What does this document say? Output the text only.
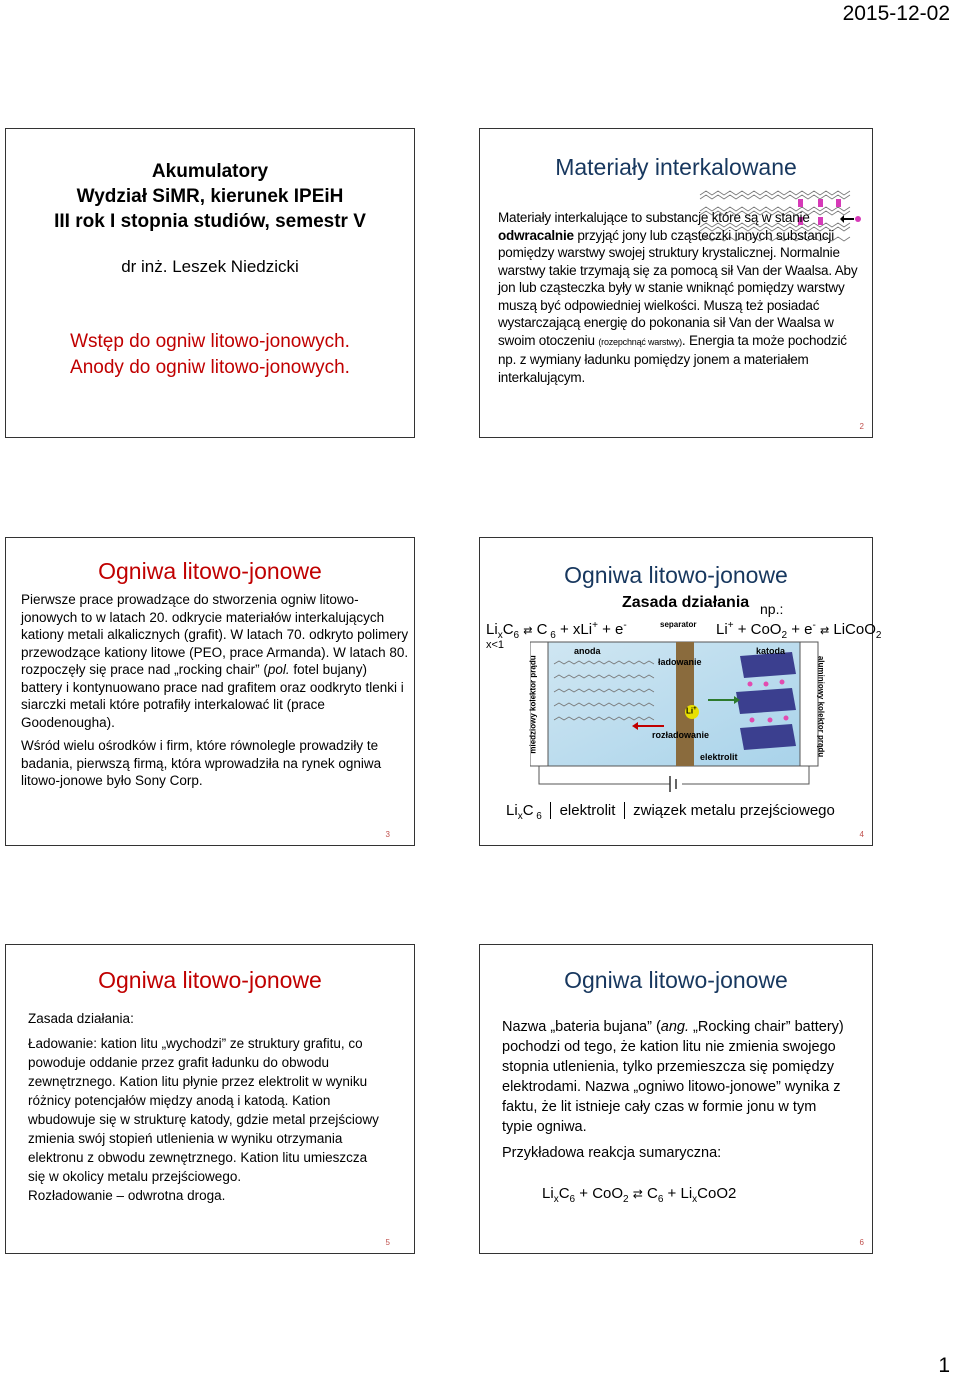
2015-12-02
Akumulatory
Wydział SiMR, kierunek IPEiH
III rok I stopnia studiów, semestr V
dr inż. Leszek Niedzicki
Wstęp do ogniw litowo-jonowych.
Anody do ogniw litowo-jonowych.
Materiały interkalowane
Materiały interkalujące to substancje które są w stanie odwracalnie przyjąć jony lub cząsteczki innych substancji pomiędzy warstwy swojej struktury krystalicznej. Normalnie warstwy takie trzymają się za pomocą sił Van der Waalsa. Aby jon lub cząsteczka były w stanie wniknąć pomiędzy warstwy muszą być odpowiedniej wielkości. Muszą też posiadać wystarczającą energię do pokonania sił Van der Waalsa w swoim otoczeniu (rozepchnąć warstwy). Energia ta może pochodzić np. z wymiany ładunku pomiędzy jonem a materiałem interkalującym.
2
Ogniwa litowo-jonowe

Pierwsze prace prowadzące do stworzenia ogniw litowo-jonowych to w latach 20. odkrycie materiałów interkalujących kationy metali alkalicznych (grafit). W latach 70. odkryto polimery przewodzące kationy litowe (PEO, prace Armanda). W latach 80. rozpoczęły się prace nad „rocking chair” (pol. fotel bujany) battery i kontynuowano prace nad grafitem oraz oodkryto tlenki i siarczki metali które potrafiły interkalować lit (prace Goodenougha).

Wśród wielu ośrodków i firm, które równolegle prowadziły te badania, pierwszą firmą, która wprowadziła na rynek ogniwa litowo-jonowe było Sony Corp.

3
Ogniwa litowo-jonowe
Zasada działania np.:
$Li_xC_6$ ⇄ C $_6$ + xLi+ + e-
x<1
Li+ + CoO$_2$ + e- ⇄ LiCoO$_2$
miedziowy kolektor prądu	aluminiowy kolektor prądu
separator
anoda	katoda
ładowanie
Li+
rozładowanie
elektrolit
$Li_xC$ $_6$ elektrolit związek metalu przejściowego
4
Ogniwa litowo-jonowe

Zasada działania:

Ładowanie: kation litu „wychodzi” ze struktury grafitu, co powoduje oddanie przez grafit ładunku do obwodu zewnętrznego. Kation litu płynie przez elektrolit w wyniku różnicy potencjałów między anodą i katodą. Kation wbudowuje się w strukturę katody, gdzie metal przejściowy zmienia swój stopień utlenienia w wyniku otrzymania elektronu z obwodu zewnętrznego. Kation litu umieszcza się w okolicy metalu przejściowego.

Rozładowanie – odwrotna droga.

5
Ogniwa litowo-jonowe

Nazwa „bateria bujana” (ang. „Rocking chair” battery) pochodzi od tego, że kation litu nie zmienia swojego stopnia utlenienia, tylko przemieszcza się pomiędzy elektrodami. Nazwa „ogniwo litowo-jonowe” wynika z faktu, że lit istnieje cały czas w formie jonu w tym typie ogniwa.

Przykładowa reakcja sumaryczna:

$Li_xC_6 + CoO_2$ ⇄ $C_6 + Li_xCoO2$
6
1
